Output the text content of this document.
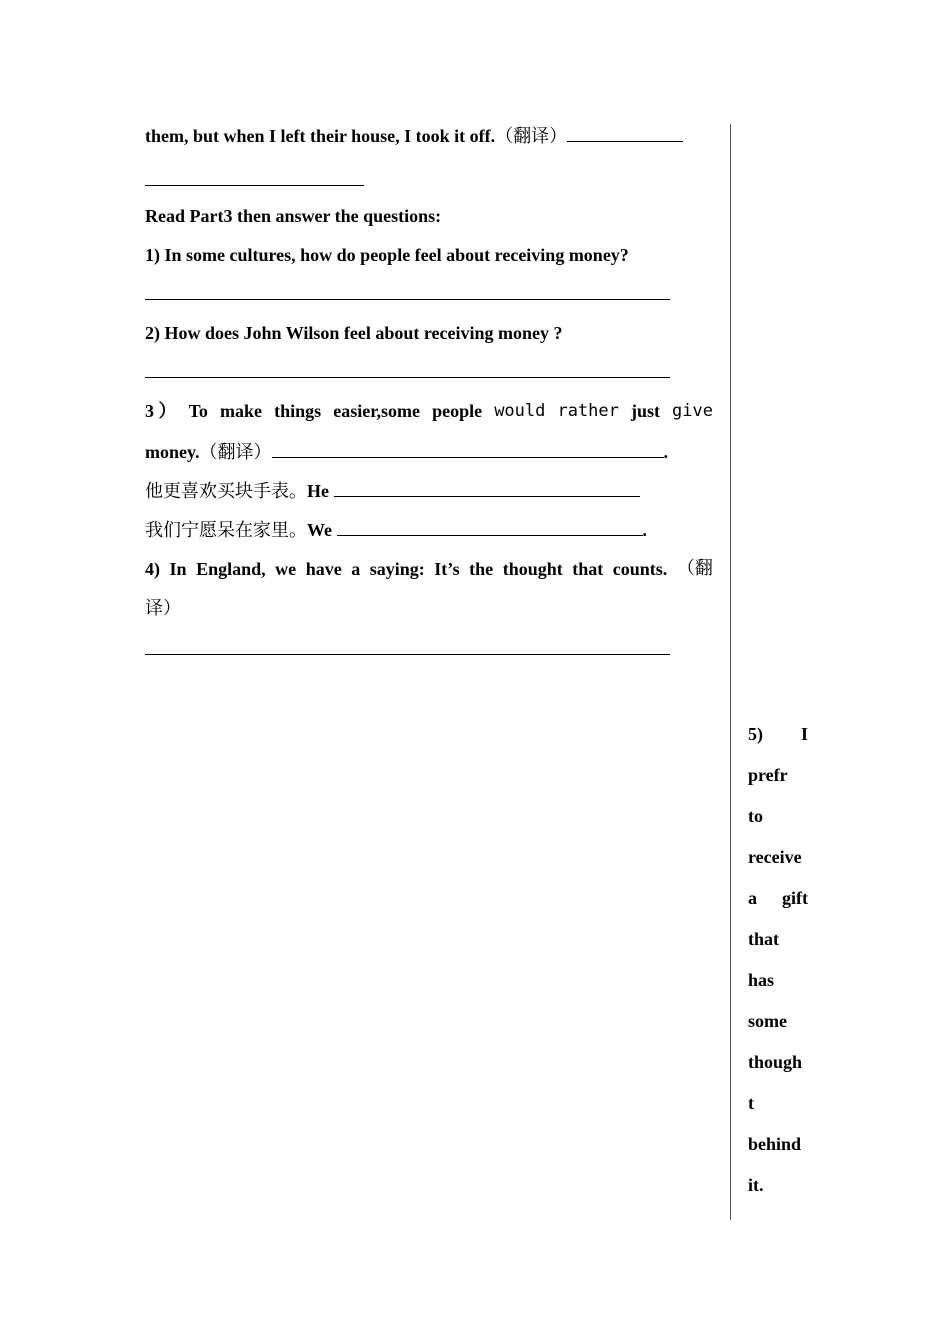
them, but when I left their house, I took it off.（翻译）
Read Part3 then answer the questions:
1) In some cultures, how do people feel about receiving money?
2) How does John Wilson feel about receiving money ?
3 ） To make things easier,some people would rather just give
money.（翻译）	.
他更喜欢买块手表。He
我们宁愿呆在家里。We	.
4) In England, we have a saying: It’s the thought that counts. （翻
译）
5) I
prefr
to
receive
a gift
that
has
some
though
t
behind
it.
